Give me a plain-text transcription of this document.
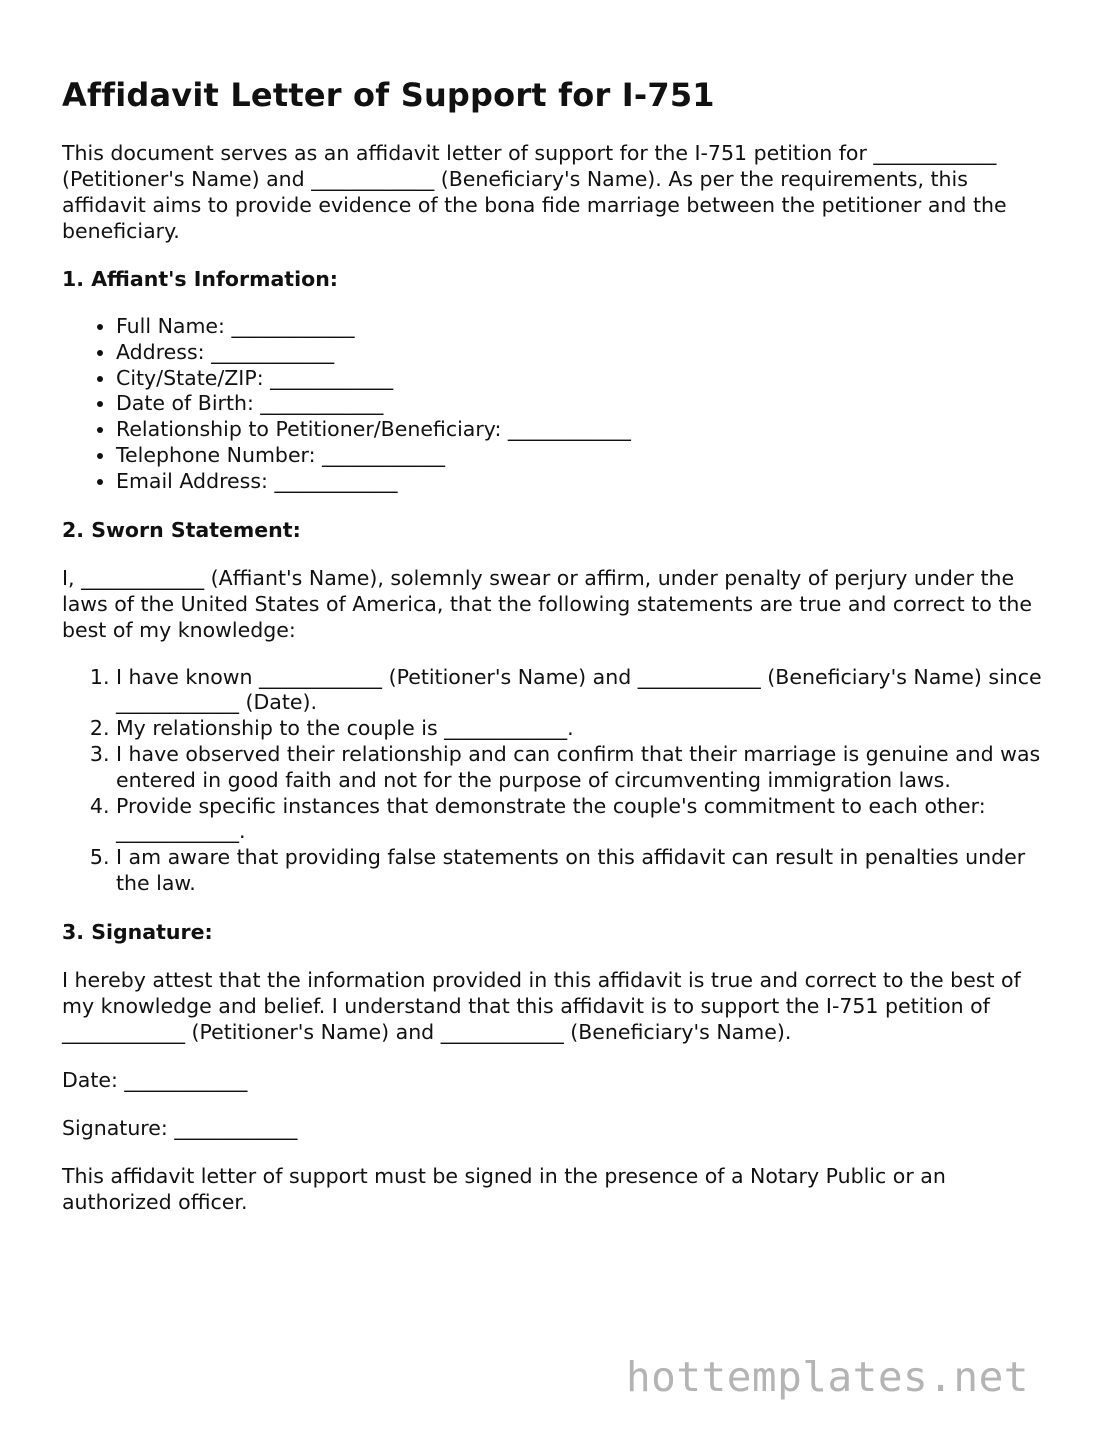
Affidavit Letter of Support for I-751

This document serves as an affidavit letter of support for the I-751 petition for ____________ (Petitioner's Name) and ____________ (Beneficiary's Name). As per the requirements, this affidavit aims to provide evidence of the bona fide marriage between the petitioner and the beneficiary.

1. Affiant's Information:
• Full Name: ____________
• Address: ____________
• City/State/ZIP: ____________
• Date of Birth: ____________
• Relationship to Petitioner/Beneficiary: ____________
• Telephone Number: ____________
• Email Address: ____________
2. Sworn Statement:

I, ____________ (Affiant's Name), solemnly swear or affirm, under penalty of perjury under the laws of the United States of America, that the following statements are true and correct to the best of my knowledge:

1. I have known ____________ (Petitioner's Name) and ____________ (Beneficiary's Name) since ____________ (Date).
2. My relationship to the couple is ____________.
3. I have observed their relationship and can confirm that their marriage is genuine and was entered in good faith and not for the purpose of circumventing immigration laws.
4. Provide specific instances that demonstrate the couple's commitment to each other: ____________.
5. I am aware that providing false statements on this affidavit can result in penalties under the law.
3. Signature:

I hereby attest that the information provided in this affidavit is true and correct to the best of my knowledge and belief. I understand that this affidavit is to support the I-751 petition of ____________ (Petitioner's Name) and ____________ (Beneficiary's Name).

Date: ____________

Signature: ____________

This affidavit letter of support must be signed in the presence of a Notary Public or an authorized officer.

hottemplates.net
